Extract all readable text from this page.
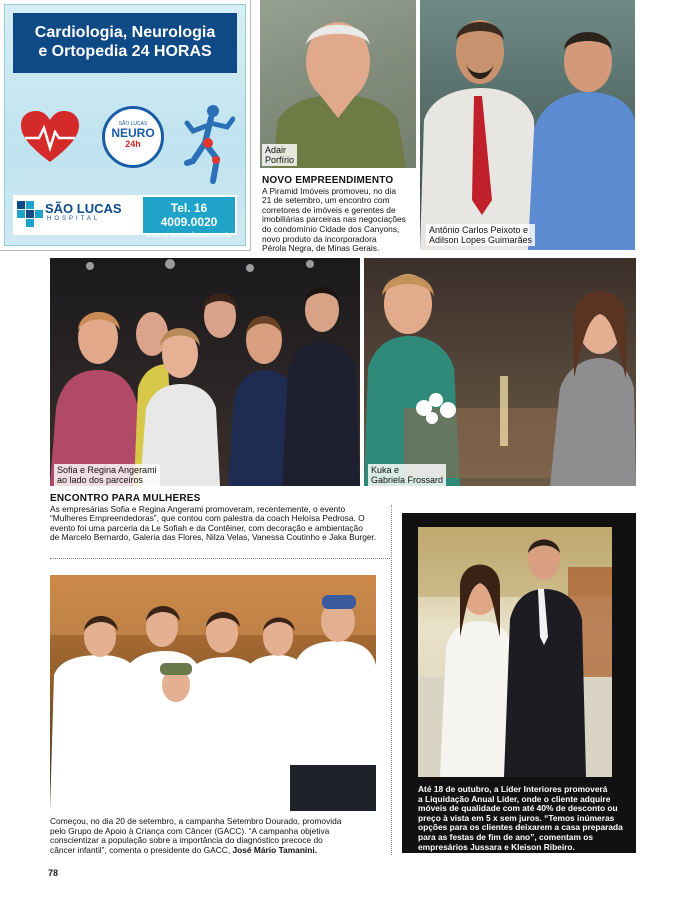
Cardiologia, Neurologia
e Ortopedia 24 HORAS
SÃO LUCAS
NEURO
24h
SÃO LUCAS
HOSPITAL
Tel. 16 4009.0020
www.gruposaolucas.com.br
Adair
Porfírio
NOVO EMPREENDIMENTO
A Piramid Imóveis promoveu, no dia
21 de setembro, um encontro com
corretores de imóveis e gerentes de
imobiliárias parceiras nas negociações
do condomínio Cidade dos Canyons,
novo produto da incorporadora
Pérola Negra, de Minas Gerais.
Antônio Carlos Peixoto e
Adilson Lopes Guimarães
Sofia e Regina Angerami
ao lado dos parceiros
Kuka e
Gabriela Frossard
ENCONTRO PARA MULHERES
As empresárias Sofia e Regina Angerami promoveram, recentemente, o evento
“Mulheres Empreendedoras”, que contou com palestra da coach Heloísa Pedrosa. O
evento foi uma parceria da Le Sofiah e da Contêiner, com decoração e ambientação
de Marcelo Bernardo, Galeria das Flores, Nilza Velas, Vanessa Coutinho e Jaka Burger.
Começou, no dia 20 de setembro, a campanha Setembro Dourado, promovida
pelo Grupo de Apoio à Criança com Câncer (GACC). “A campanha objetiva
conscientizar a população sobre a importância do diagnóstico precoce do
câncer infantil”, comenta o presidente do GACC, José Mário Tamanini.
Até 18 de outubro, a Líder Interiores promoverá
a Liquidação Anual Líder, onde o cliente adquire
móveis de qualidade com até 40% de desconto ou
preço à vista em 5 x sem juros. “Temos inúmeras
opções para os clientes deixarem a casa preparada
para as festas de fim de ano”, comentam os
empresários Jussara e Kleison Ribeiro.
78
